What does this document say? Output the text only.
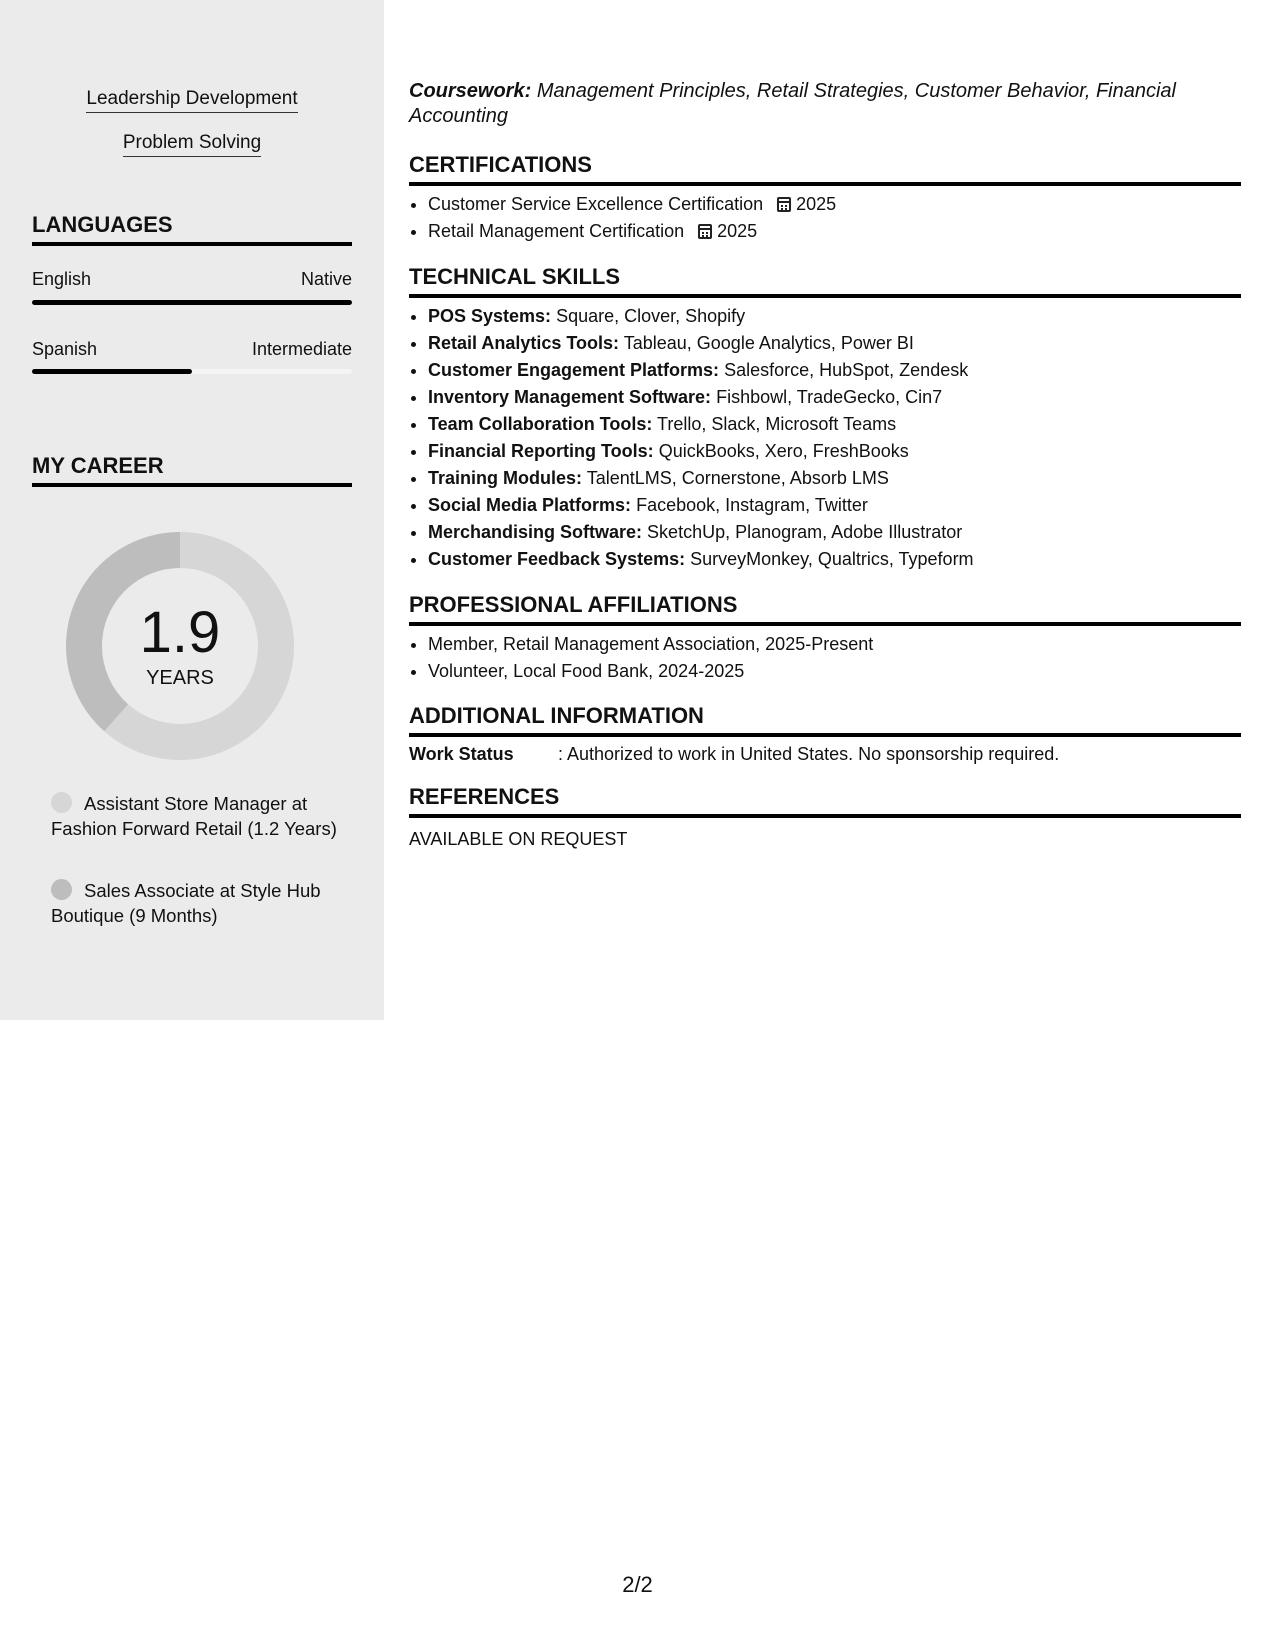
Leadership Development
Problem Solving
LANGUAGES
English	Native
Spanish	Intermediate
MY CAREER
1.9
YEARS
Assistant Store Manager at Fashion Forward Retail (1.2 Years)
Sales Associate at Style Hub Boutique (9 Months)
Coursework: Management Principles, Retail Strategies, Customer Behavior, Financial Accounting
CERTIFICATIONS
• Customer Service Excellence Certification 2025
• Retail Management Certification 2025
TECHNICAL SKILLS
• POS Systems: Square, Clover, Shopify
• Retail Analytics Tools: Tableau, Google Analytics, Power BI
• Customer Engagement Platforms: Salesforce, HubSpot, Zendesk
• Inventory Management Software: Fishbowl, TradeGecko, Cin7
• Team Collaboration Tools: Trello, Slack, Microsoft Teams
• Financial Reporting Tools: QuickBooks, Xero, FreshBooks
• Training Modules: TalentLMS, Cornerstone, Absorb LMS
• Social Media Platforms: Facebook, Instagram, Twitter
• Merchandising Software: SketchUp, Planogram, Adobe Illustrator
• Customer Feedback Systems: SurveyMonkey, Qualtrics, Typeform
PROFESSIONAL AFFILIATIONS
• Member, Retail Management Association, 2025-Present
• Volunteer, Local Food Bank, 2024-2025
ADDITIONAL INFORMATION
Work Status : Authorized to work in United States. No sponsorship required.
REFERENCES
AVAILABLE ON REQUEST
2/2
